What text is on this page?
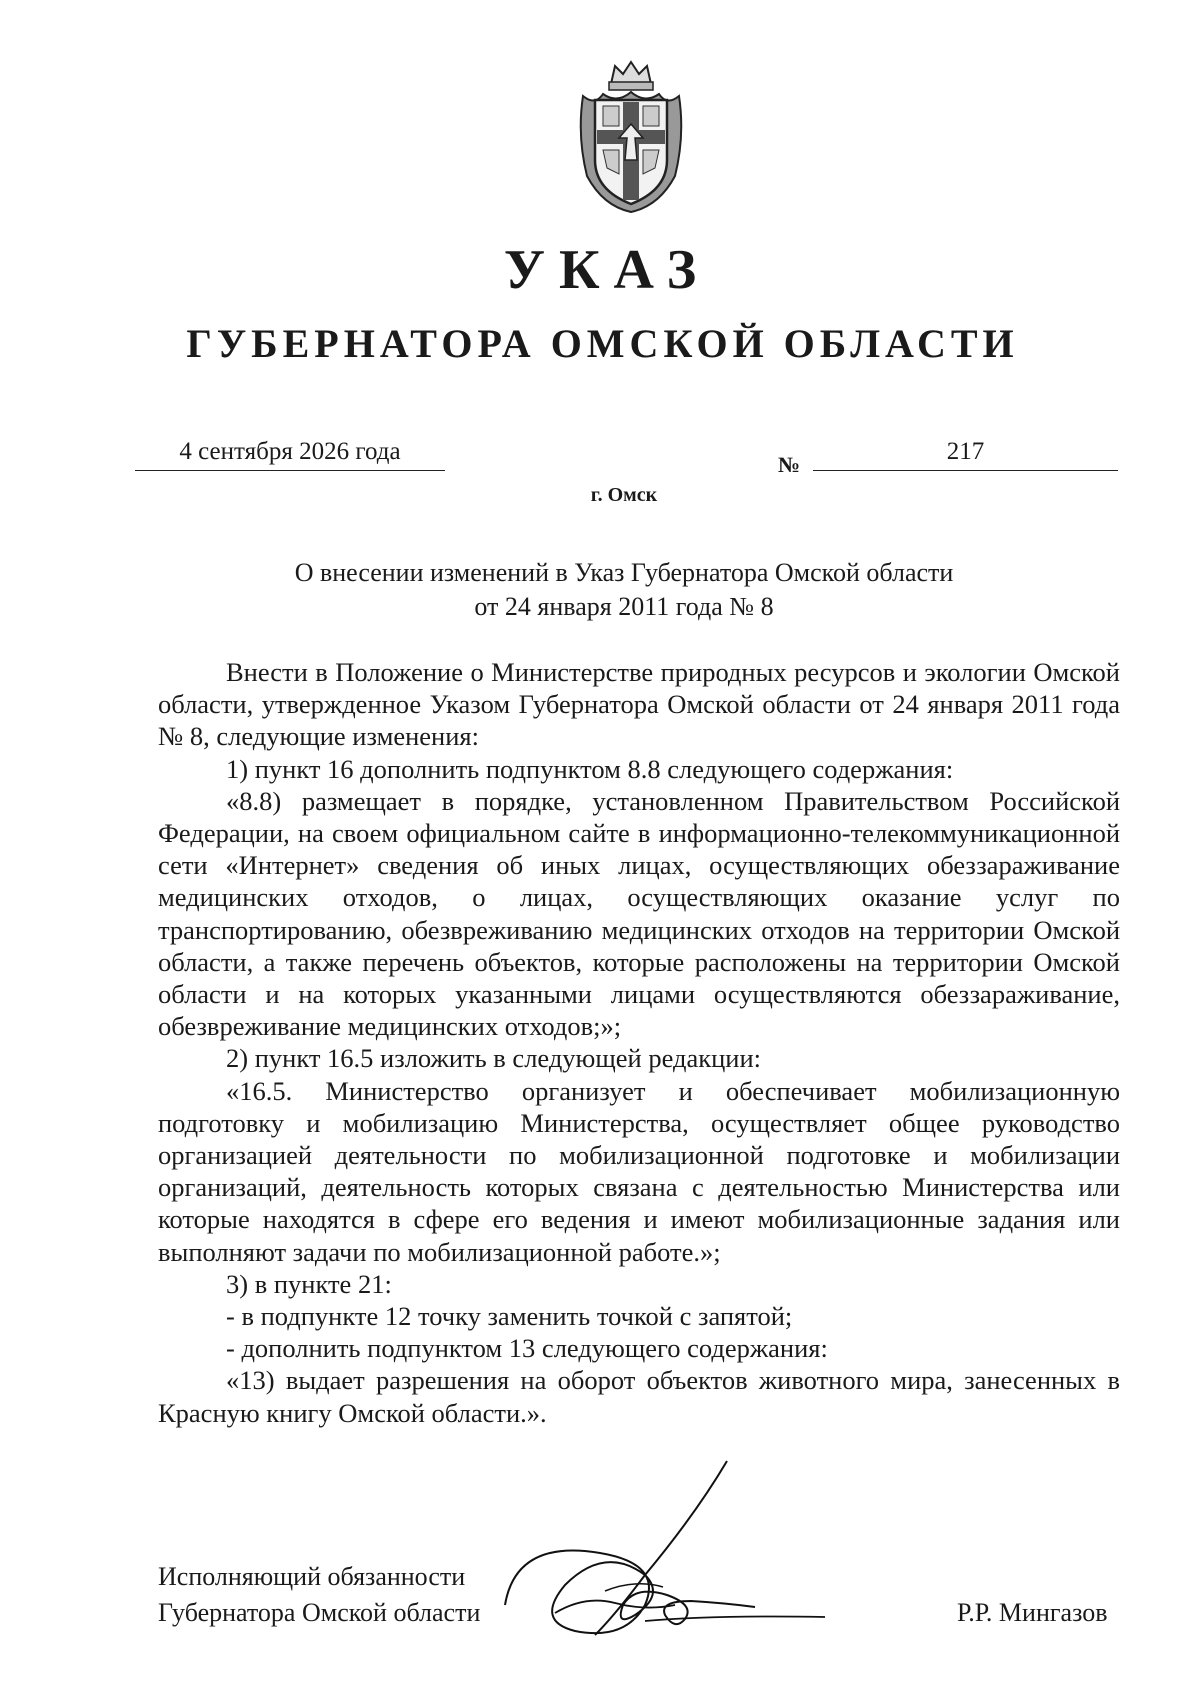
УКАЗ
ГУБЕРНАТОРА ОМСКОЙ ОБЛАСТИ
4 сентября 2026 года	№	217
г. Омск
О внесении изменений в Указ Губернатора Омской области
от 24 января 2011 года № 8

Внести в Положение о Министерстве природных ресурсов и экологии Омской области, утвержденное Указом Губернатора Омской области от 24 января 2011 года № 8, следующие изменения:

1) пункт 16 дополнить подпунктом 8.8 следующего содержания:

«8.8) размещает в порядке, установленном Правительством Российской Федерации, на своем официальном сайте в информационно-телекоммуникационной сети «Интернет» сведения об иных лицах, осуществляющих обеззараживание медицинских отходов, о лицах, осуществляющих оказание услуг по транспортированию, обезвреживанию медицинских отходов на территории Омской области, а также перечень объектов, которые расположены на территории Омской области и на которых указанными лицами осуществляются обеззараживание, обезвреживание медицинских отходов;»;

2) пункт 16.5 изложить в следующей редакции:

«16.5. Министерство организует и обеспечивает мобилизационную подготовку и мобилизацию Министерства, осуществляет общее руководство организацией деятельности по мобилизационной подготовке и мобилизации организаций, деятельность которых связана с деятельностью Министерства или которые находятся в сфере его ведения и имеют мобилизационные задания или выполняют задачи по мобилизационной работе.»;

3) в пункте 21:

- в подпункте 12 точку заменить точкой с запятой;

- дополнить подпунктом 13 следующего содержания:

«13) выдает разрешения на оборот объектов животного мира, занесенных в Красную книгу Омской области.».

Исполняющий обязанности
Губернатора Омской области	Р.Р. Мингазов
